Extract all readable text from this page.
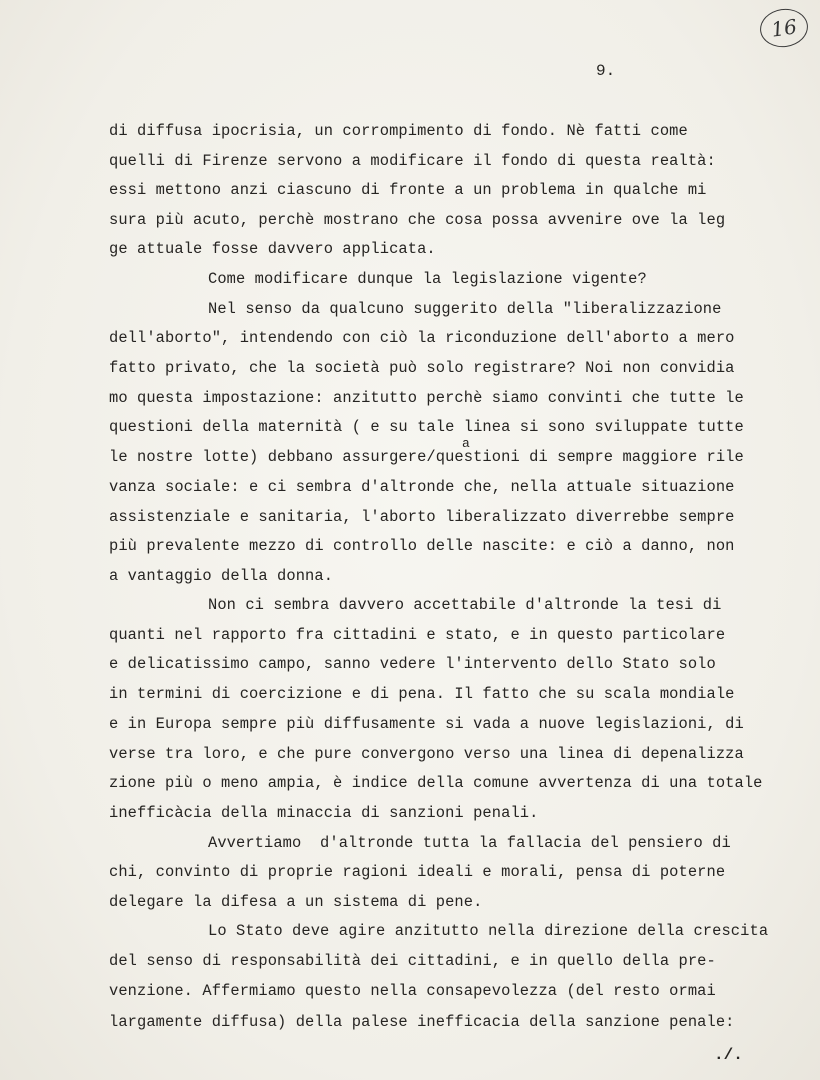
16
9.
di diffusa ipocrisia, un corrompimento di fondo. Nè fatti come
quelli di Firenze servono a modificare il fondo di questa realtà:
essi mettono anzi ciascuno di fronte a un problema in qualche mi
sura più acuto, perchè mostrano che cosa possa avvenire ove la leg
ge attuale fosse davvero applicata.
Come modificare dunque la legislazione vigente?
Nel senso da qualcuno suggerito della "liberalizzazione
dell'aborto", intendendo con ciò la riconduzione dell'aborto a mero
fatto privato, che la società può solo registrare? Noi non convidia
mo questa impostazione: anzitutto perchè siamo convinti che tutte le
questioni della maternità ( e su tale linea si sono sviluppate tutte
a
le nostre lotte) debbano assurgere/questioni di sempre maggiore rile
vanza sociale: e ci sembra d'altronde che, nella attuale situazione
assistenziale e sanitaria, l'aborto liberalizzato diverrebbe sempre
più prevalente mezzo di controllo delle nascite: e ciò a danno, non
a vantaggio della donna.
Non ci sembra davvero accettabile d'altronde la tesi di
quanti nel rapporto fra cittadini e stato, e in questo particolare
e delicatissimo campo, sanno vedere l'intervento dello Stato solo
in termini di coercizione e di pena. Il fatto che su scala mondiale
e in Europa sempre più diffusamente si vada a nuove legislazioni, di
verse tra loro, e che pure convergono verso una linea di depenalizza
zione più o meno ampia, è indice della comune avvertenza di una totale
inefficàcia della minaccia di sanzioni penali.
Avvertiamo  d'altronde tutta la fallacia del pensiero di
chi, convinto di proprie ragioni ideali e morali, pensa di poterne
delegare la difesa a un sistema di pene.
Lo Stato deve agire anzitutto nella direzione della crescita
del senso di responsabilità dei cittadini, e in quello della pre-
venzione. Affermiamo questo nella consapevolezza (del resto ormai
largamente diffusa) della palese inefficacia della sanzione penale:
./.
